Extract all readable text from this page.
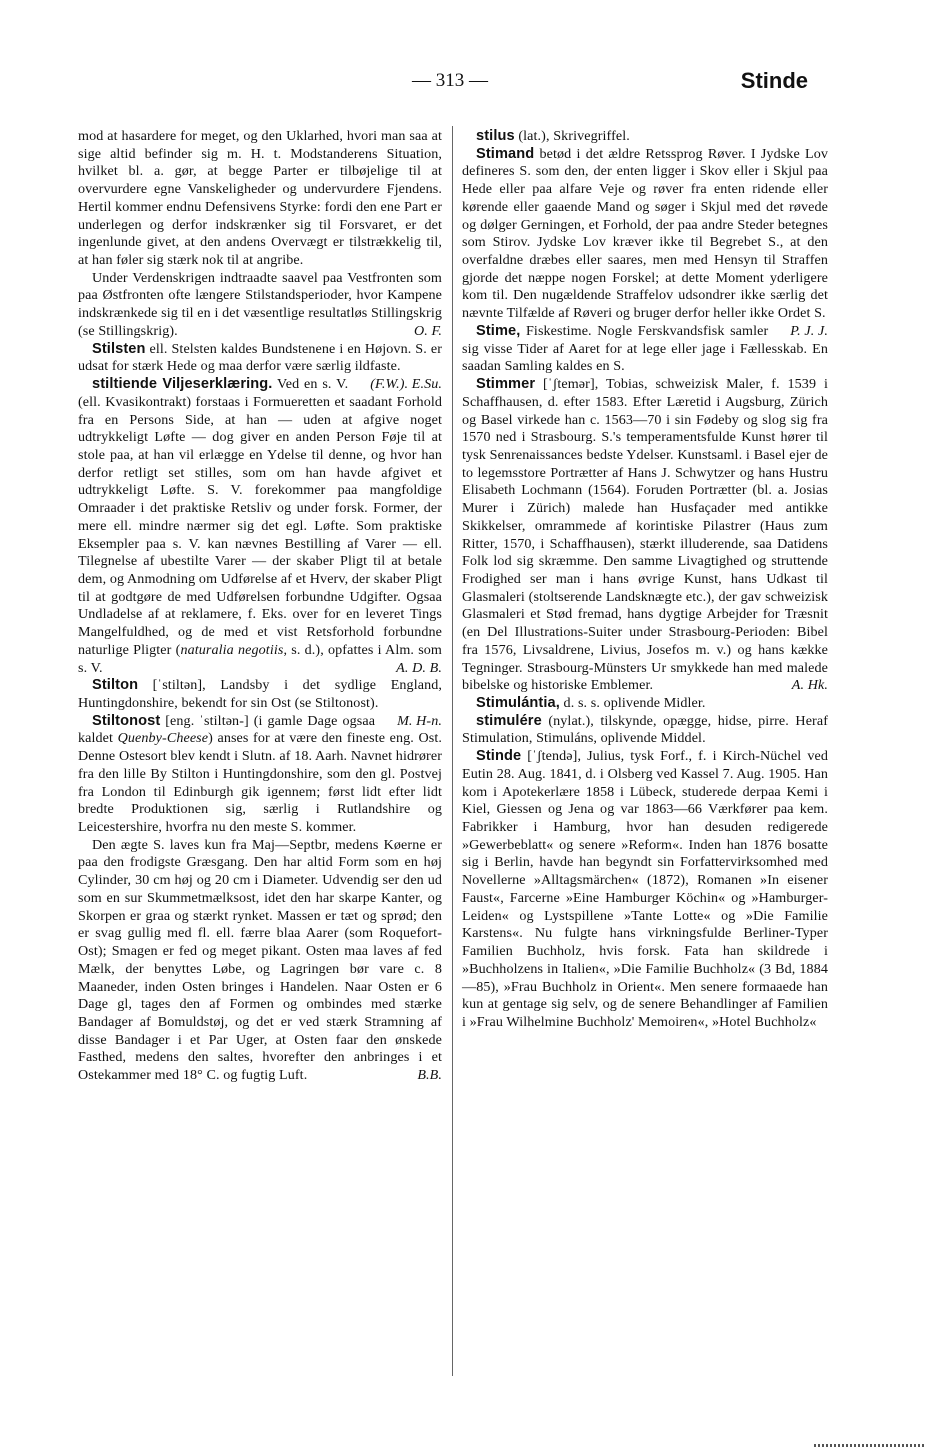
— 313 —	Stinde

mod at hasardere for meget, og den Uklarhed, hvori man saa at sige altid befinder sig m. H. t. Modstanderens Situation, hvilket bl. a. gør, at begge Parter er tilbøjelige til at overvurdere egne Vanskeligheder og undervurdere Fjendens. Hertil kommer endnu Defensivens Styrke: fordi den ene Part er underlegen og derfor indskrænker sig til Forsvaret, er det ingenlunde givet, at den andens Overvægt er tilstrækkelig til, at han føler sig stærk nok til at angribe.

Under Verdenskrigen indtraadte saavel paa Vestfronten som paa Østfronten ofte længere Stilstandsperioder, hvor Kampene indskrænkede sig til en i det væsentlige resultatløs Stillingskrig (se Stillingskrig).	O. F.

Stilsten ell. Stelsten kaldes Bundstenene i en Højovn. S. er udsat for stærk Hede og maa derfor være særlig ildfaste.
(F.W.). E.Su.

stiltiende Viljeserklæring. Ved en s. V. (ell. Kvasikontrakt) forstaas i Formueretten et saadant Forhold fra en Persons Side, at han — uden at afgive noget udtrykkeligt Løfte — dog giver en anden Person Føje til at stole paa, at han vil erlægge en Ydelse til denne, og hvor han derfor retligt set stilles, som om han havde afgivet et udtrykkeligt Løfte. S. V. forekommer paa mangfoldige Omraader i det praktiske Retsliv og under forsk. Former, der mere ell. mindre nærmer sig det egl. Løfte. Som praktiske Eksempler paa s. V. kan nævnes Bestilling af Varer — ell. Tilegnelse af ubestilte Varer — der skaber Pligt til at betale dem, og Anmodning om Udførelse af et Hverv, der skaber Pligt til at godtgøre de med Udførelsen forbundne Udgifter. Ogsaa Undladelse af at reklamere, f. Eks. over for en leveret Tings Mangelfuldhed, og de med et vist Retsforhold forbundne naturlige Pligter (naturalia negotiis, s. d.), opfattes i Alm. som s. V.	A. D. B.

Stilton [ˈstiltən], Landsby i det sydlige England, Huntingdonshire, bekendt for sin Ost (se Stiltonost).
M. H-n.

Stiltonost [eng. ˈstiltən-] (i gamle Dage ogsaa kaldet Quenby-Cheese) anses for at være den fineste eng. Ost. Denne Ostesort blev kendt i Slutn. af 18. Aarh. Navnet hidrører fra den lille By Stilton i Huntingdonshire, som den gl. Postvej fra London til Edinburgh gik igennem; først lidt efter lidt bredte Produktionen sig, særlig i Rutlandshire og Leicestershire, hvorfra nu den meste S. kommer.

Den ægte S. laves kun fra Maj—Septbr, medens Køerne er paa den frodigste Græsgang. Den har altid Form som en høj Cylinder, 30 cm høj og 20 cm i Diameter. Udvendig ser den ud som en sur Skummetmælksost, idet den har skarpe Kanter, og Skorpen er graa og stærkt rynket. Massen er tæt og sprød; den er svag gullig med fl. ell. færre blaa Aarer (som Roquefort-Ost); Smagen er fed og meget pikant. Osten maa laves af fed Mælk, der benyttes Løbe, og Lagringen bør vare c. 8 Maaneder, inden Osten bringes i Handelen. Naar Osten er 6 Dage gl, tages den af Formen og ombindes med stærke Bandager af Bomuldstøj, og det er ved stærk Stramning af disse Bandager i et Par Uger, at Osten faar den ønskede Fasthed, medens den saltes, hvorefter den anbringes i et Ostekammer med 18° C. og fugtig Luft.	B.B.

stilus (lat.), Skrivegriffel.

Stimand betød i det ældre Retssprog Røver. I Jydske Lov defineres S. som den, der enten ligger i Skov eller i Skjul paa Hede eller paa alfare Veje og røver fra enten ridende eller kørende eller gaaende Mand og søger i Skjul med det røvede og dølger Gerningen, et Forhold, der paa andre Steder betegnes som Stirov. Jydske Lov kræver ikke til Begrebet S., at den overfaldne dræbes eller saares, men med Hensyn til Straffen gjorde det næppe nogen Forskel; at dette Moment yderligere kom til. Den nugældende Straffelov udsondrer ikke særlig det nævnte Tilfælde af Røveri og bruger derfor heller ikke Ordet S.
P. J. J.

Stime, Fiskestime. Nogle Ferskvandsfisk samler sig visse Tider af Aaret for at lege eller jage i Fællesskab. En saadan Samling kaldes en S.

Stimmer [ˈʃtemər], Tobias, schweizisk Maler, f. 1539 i Schaffhausen, d. efter 1583. Efter Læretid i Augsburg, Zürich og Basel virkede han c. 1563—70 i sin Fødeby og slog sig fra 1570 ned i Strasbourg. S.'s temperamentsfulde Kunst hører til tysk Senrenaissances bedste Ydelser. Kunstsaml. i Basel ejer de to legemsstore Portrætter af Hans J. Schwytzer og hans Hustru Elisabeth Lochmann (1564). Foruden Portrætter (bl. a. Josias Murer i Zürich) malede han Husfaçader med antikke Skikkelser, omrammede af korintiske Pilastrer (Haus zum Ritter, 1570, i Schaffhausen), stærkt illuderende, saa Datidens Folk lod sig skræmme. Den samme Livagtighed og struttende Frodighed ser man i hans øvrige Kunst, hans Udkast til Glasmaleri (stoltserende Landsknægte etc.), der gav schweizisk Glasmaleri et Stød fremad, hans dygtige Arbejder for Træsnit (en Del Illustrations-Suiter under Strasbourg-Perioden: Bibel fra 1576, Livsaldrene, Livius, Josefos m. v.) og hans kække Tegninger. Strasbourg-Münsters Ur smykkede han med malede bibelske og historiske Emblemer.	A. Hk.

Stimulántia, d. s. s. oplivende Midler.

stimulére (nylat.), tilskynde, opægge, hidse, pirre. Heraf Stimulation, Stimuláns, oplivende Middel.

Stinde [ˈʃtendə], Julius, tysk Forf., f. i Kirch-Nüchel ved Eutin 28. Aug. 1841, d. i Olsberg ved Kassel 7. Aug. 1905. Han kom i Apotekerlære 1858 i Lübeck, studerede derpaa Kemi i Kiel, Giessen og Jena og var 1863—66 Værkfører paa kem. Fabrikker i Hamburg, hvor han desuden redigerede »Gewerbeblatt« og senere »Reform«. Inden han 1876 bosatte sig i Berlin, havde han begyndt sin Forfattervirksomhed med Novellerne »Alltagsmärchen« (1872), Romanen »In eisener Faust«, Farcerne »Eine Hamburger Köchin« og »Hamburger-Leiden« og Lystspillene »Tante Lotte« og »Die Familie Karstens«. Nu fulgte hans virkningsfulde Berliner-Typer Familien Buchholz, hvis forsk. Fata han skildrede i »Buchholzens in Italien«, »Die Familie Buchholz« (3 Bd, 1884—85), »Frau Buchholz in Orient«. Men senere formaaede han kun at gentage sig selv, og de senere Behandlinger af Familien i »Frau Wilhelmine Buchholz' Memoiren«, »Hotel Buchholz«
